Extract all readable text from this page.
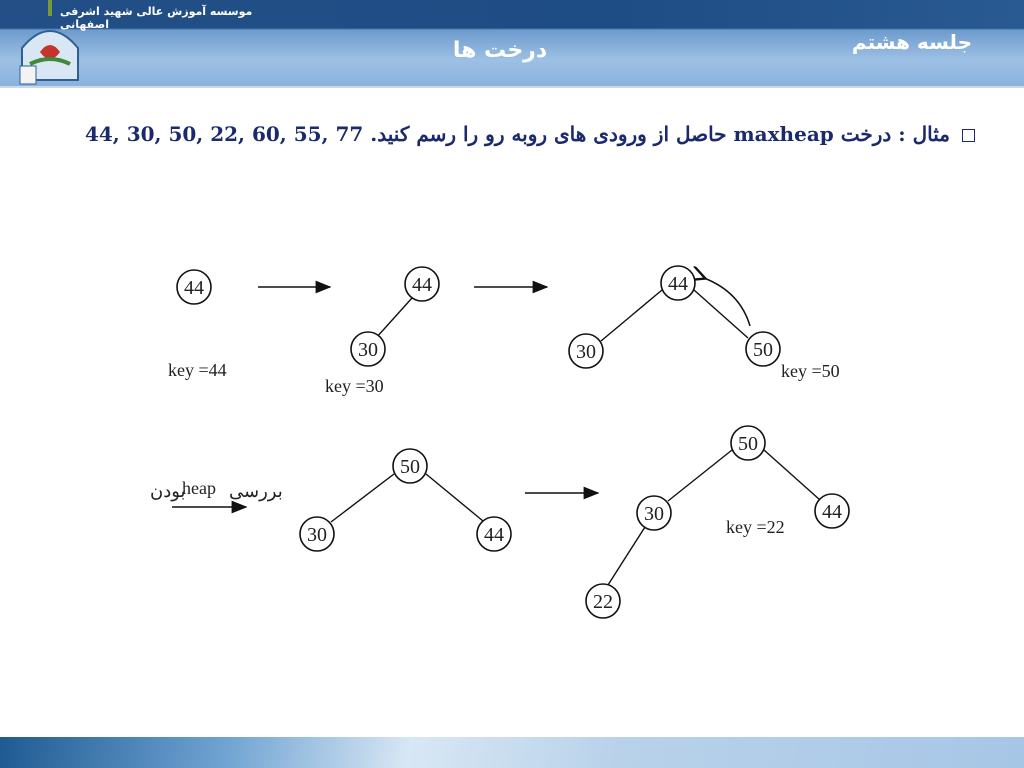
موسسه آموزش عالی شهید اشرفی اصفهانی
جلسه هشتم
درخت ها
مثال : درخت maxheap حاصل از ورودی های روبه رو را رسم کنید. 44, 30, 50, 22, 60, 55, 77
44
key =44
44
30
key =30
44
30	50
key =50
بودن
heap بررسی
50
30	44
50
30	44
22
key =22
